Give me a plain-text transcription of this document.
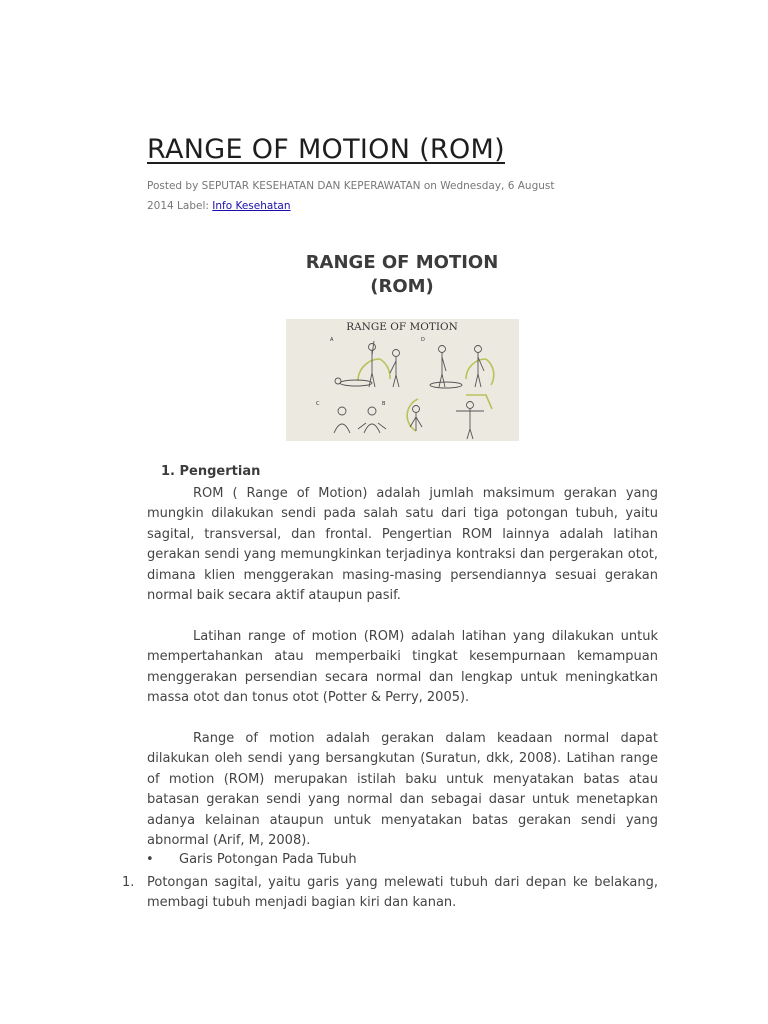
RANGE OF MOTION (ROM)
Posted by SEPUTAR KESEHATAN DAN KEPERAWATAN on Wednesday, 6 August
2014 Label: Info Kesehatan
RANGE OF MOTION
(ROM)
RANGE OF MOTION
A	D
C	B
1. Pengertian

ROM ( Range of Motion) adalah jumlah maksimum gerakan yang mungkin dilakukan sendi pada salah satu dari tiga potongan tubuh, yaitu sagital, transversal, dan frontal. Pengertian ROM lainnya adalah latihan gerakan sendi yang memungkinkan terjadinya kontraksi dan pergerakan otot, dimana klien menggerakan masing-masing persendiannya sesuai gerakan normal baik secara aktif ataupun pasif.

Latihan range of motion (ROM) adalah latihan yang dilakukan untuk mempertahankan atau memperbaiki tingkat kesempurnaan kemampuan menggerakan persendian secara normal dan lengkap untuk meningkatkan massa otot dan tonus otot (Potter & Perry, 2005).

Range of motion adalah gerakan dalam keadaan normal dapat dilakukan oleh sendi yang bersangkutan (Suratun, dkk, 2008). Latihan range of motion (ROM) merupakan istilah baku untuk menyatakan batas atau batasan gerakan sendi yang normal dan sebagai dasar untuk menetapkan adanya kelainan ataupun untuk menyatakan batas gerakan sendi yang abnormal (Arif, M, 2008).

• Garis Potongan Pada Tubuh
1. Potongan sagital, yaitu garis yang melewati tubuh dari depan ke belakang, membagi tubuh menjadi bagian kiri dan kanan.
